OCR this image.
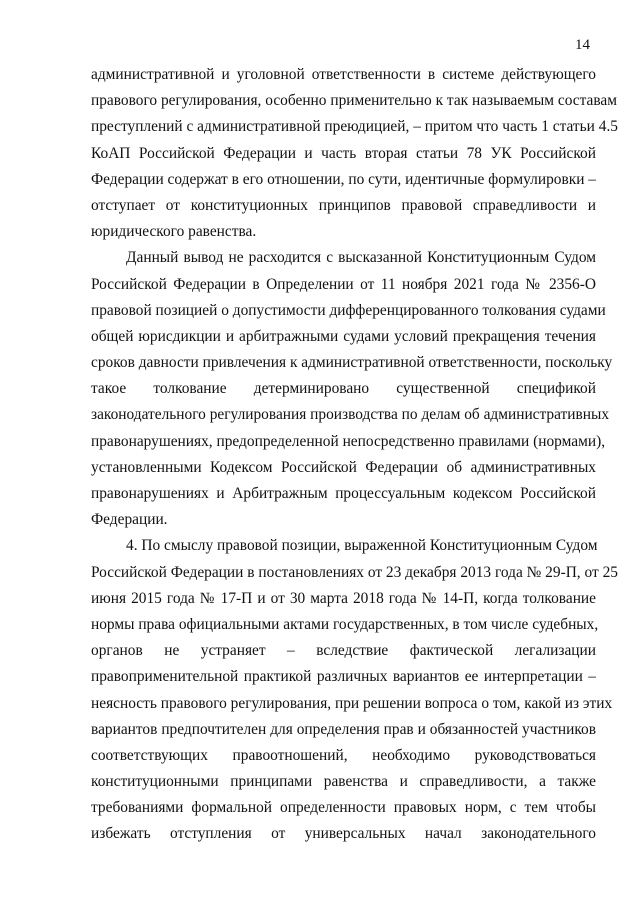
14
административной и уголовной ответственности в системе действующего
правового регулирования, особенно применительно к так называемым составам
преступлений с административной преюдицией, – притом что часть 1 статьи 4.5
КоАП Российской Федерации и часть вторая статьи 78 УК Российской
Федерации содержат в его отношении, по сути, идентичные формулировки –
отступает от конституционных принципов правовой справедливости и
юридического равенства.
Данный вывод не расходится с высказанной Конституционным Судом
Российской Федерации в Определении от 11 ноября 2021 года № 2356-О
правовой позицией о допустимости дифференцированного толкования судами
общей юрисдикции и арбитражными судами условий прекращения течения
сроков давности привлечения к административной ответственности, поскольку
такое толкование детерминировано существенной спецификой
законодательного регулирования производства по делам об административных
правонарушениях, предопределенной непосредственно правилами (нормами),
установленными Кодексом Российской Федерации об административных
правонарушениях и Арбитражным процессуальным кодексом Российской
Федерации.
4. По смыслу правовой позиции, выраженной Конституционным Судом
Российской Федерации в постановлениях от 23 декабря 2013 года № 29-П, от 25
июня 2015 года № 17-П и от 30 марта 2018 года № 14-П, когда толкование
нормы права официальными актами государственных, в том числе судебных,
органов не устраняет – вследствие фактической легализации
правоприменительной практикой различных вариантов ее интерпретации –
неясность правового регулирования, при решении вопроса о том, какой из этих
вариантов предпочтителен для определения прав и обязанностей участников
соответствующих правоотношений, необходимо руководствоваться
конституционными принципами равенства и справедливости, а также
требованиями формальной определенности правовых норм, с тем чтобы
избежать отступления от универсальных начал законодательного
